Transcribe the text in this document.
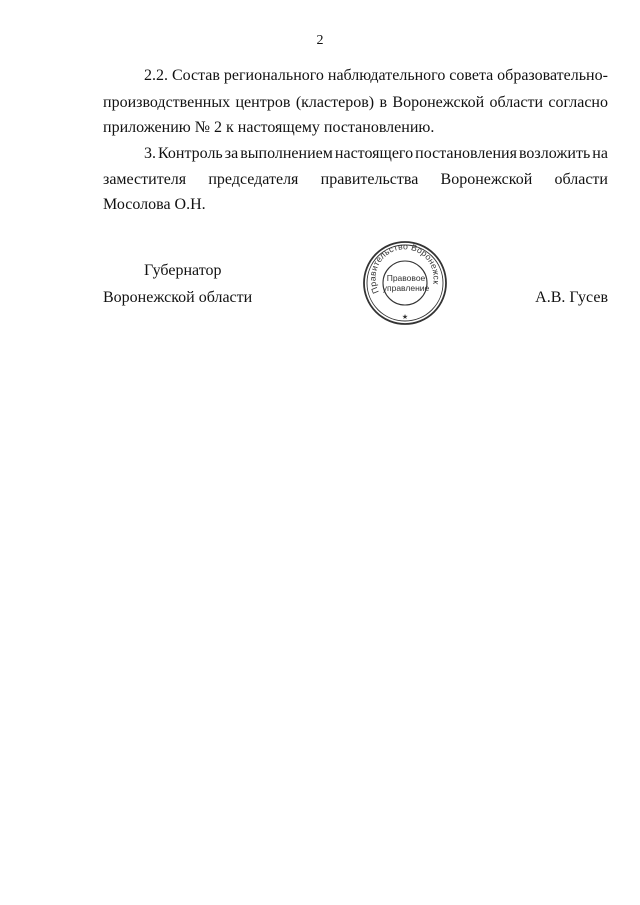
2
2.2. Состав регионального наблюдательного совета образовательно-
производственных центров (кластеров) в Воронежской области согласно
приложению № 2 к настоящему постановлению.
3. Контроль за выполнением настоящего постановления возложить на
заместителя председателя правительства Воронежской области
Мосолова О.Н.
Губернатор
Воронежской области	А.В. Гусев
Правительство Воронежск
Правовое
управление
★
